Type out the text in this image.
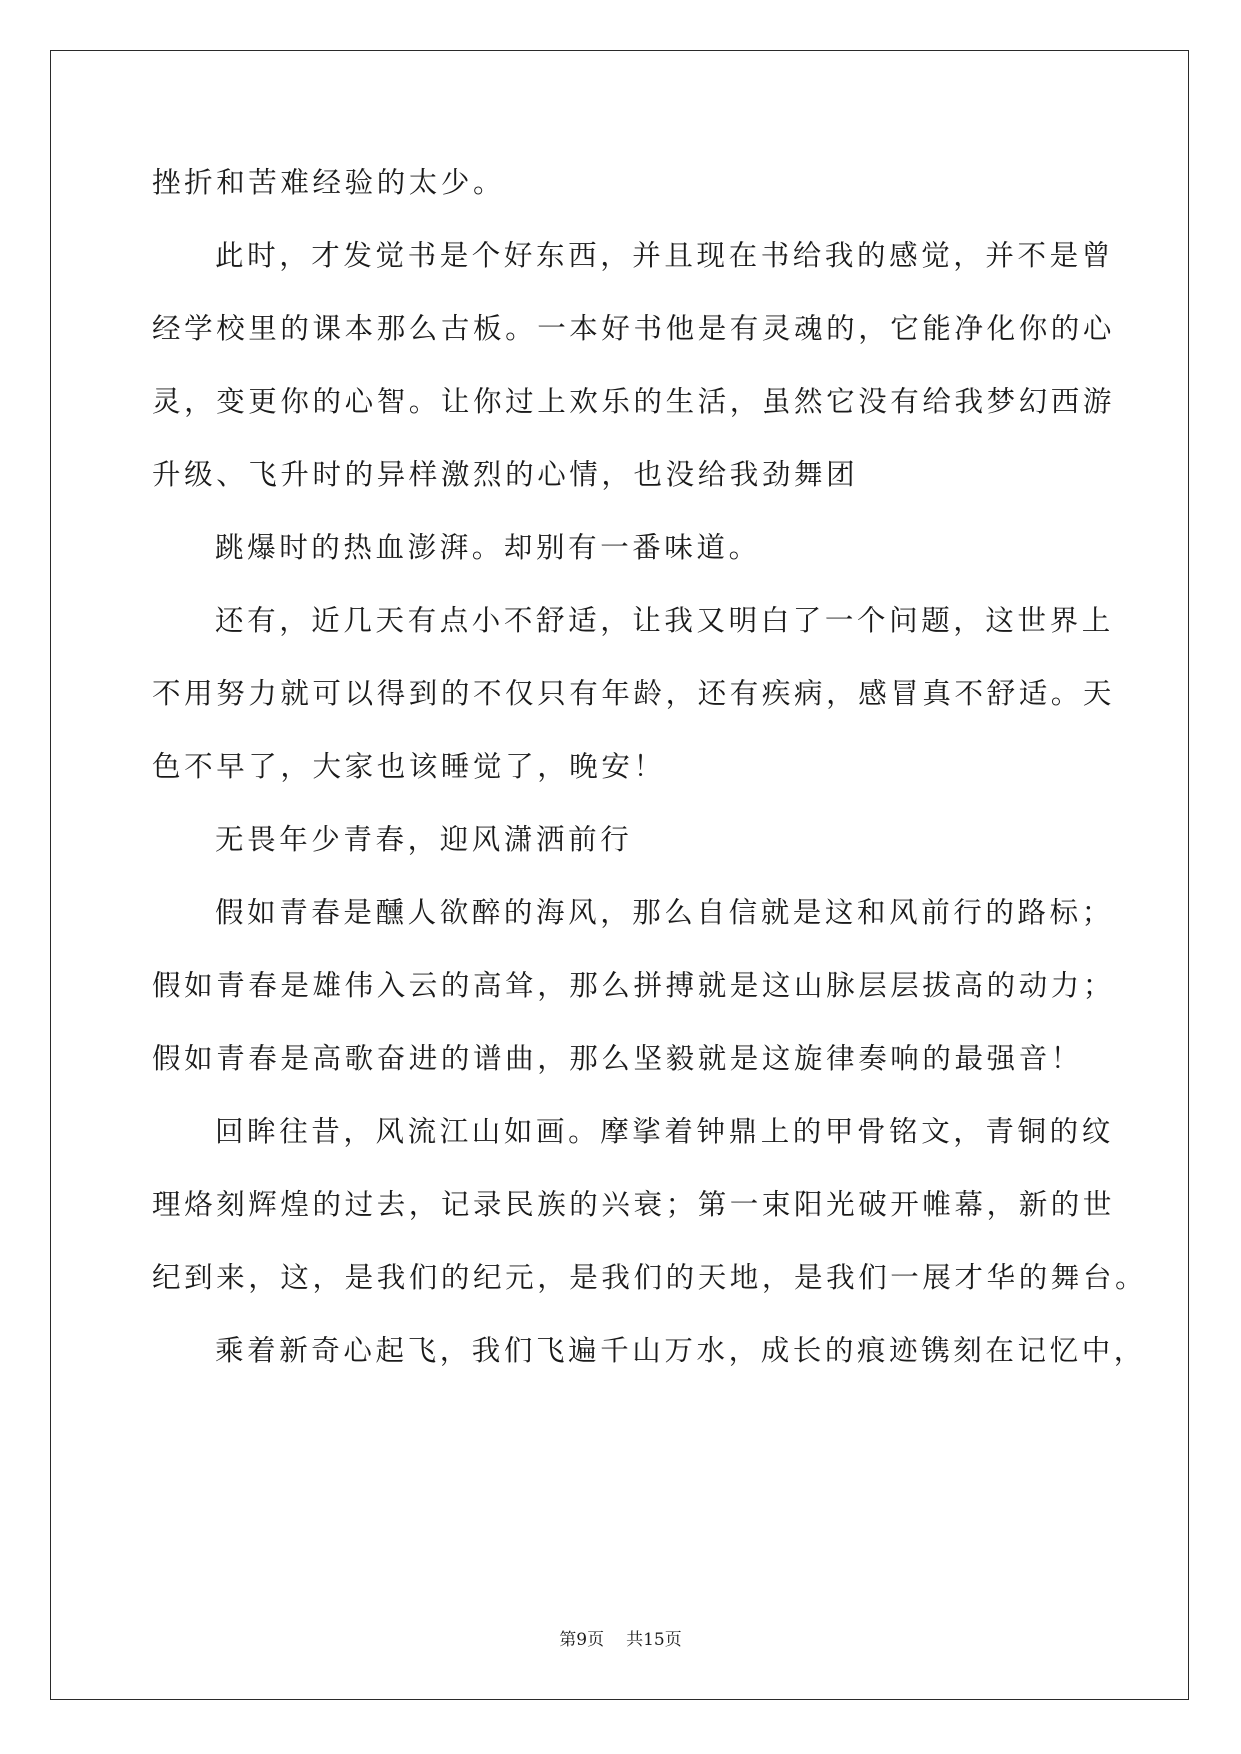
挫折和苦难经验的太少。
此时，才发觉书是个好东西，并且现在书给我的感觉，并不是曾
经学校里的课本那么古板。一本好书他是有灵魂的，它能净化你的心
灵，变更你的心智。让你过上欢乐的生活，虽然它没有给我梦幻西游
升级、飞升时的异样激烈的心情，也没给我劲舞团
跳爆时的热血澎湃。却别有一番味道。
还有，近几天有点小不舒适，让我又明白了一个问题，这世界上
不用努力就可以得到的不仅只有年龄，还有疾病，感冒真不舒适。天
色不早了，大家也该睡觉了，晚安！
无畏年少青春，迎风潇洒前行
假如青春是醺人欲醉的海风，那么自信就是这和风前行的路标；
假如青春是雄伟入云的高耸，那么拼搏就是这山脉层层拔高的动力；
假如青春是高歌奋进的谱曲，那么坚毅就是这旋律奏响的最强音！
回眸往昔，风流江山如画。摩挲着钟鼎上的甲骨铭文，青铜的纹
理烙刻辉煌的过去，记录民族的兴衰；第一束阳光破开帷幕，新的世
纪到来，这，是我们的纪元，是我们的天地，是我们一展才华的舞台。
乘着新奇心起飞，我们飞遍千山万水，成长的痕迹镌刻在记忆中，
第9页 共15页
